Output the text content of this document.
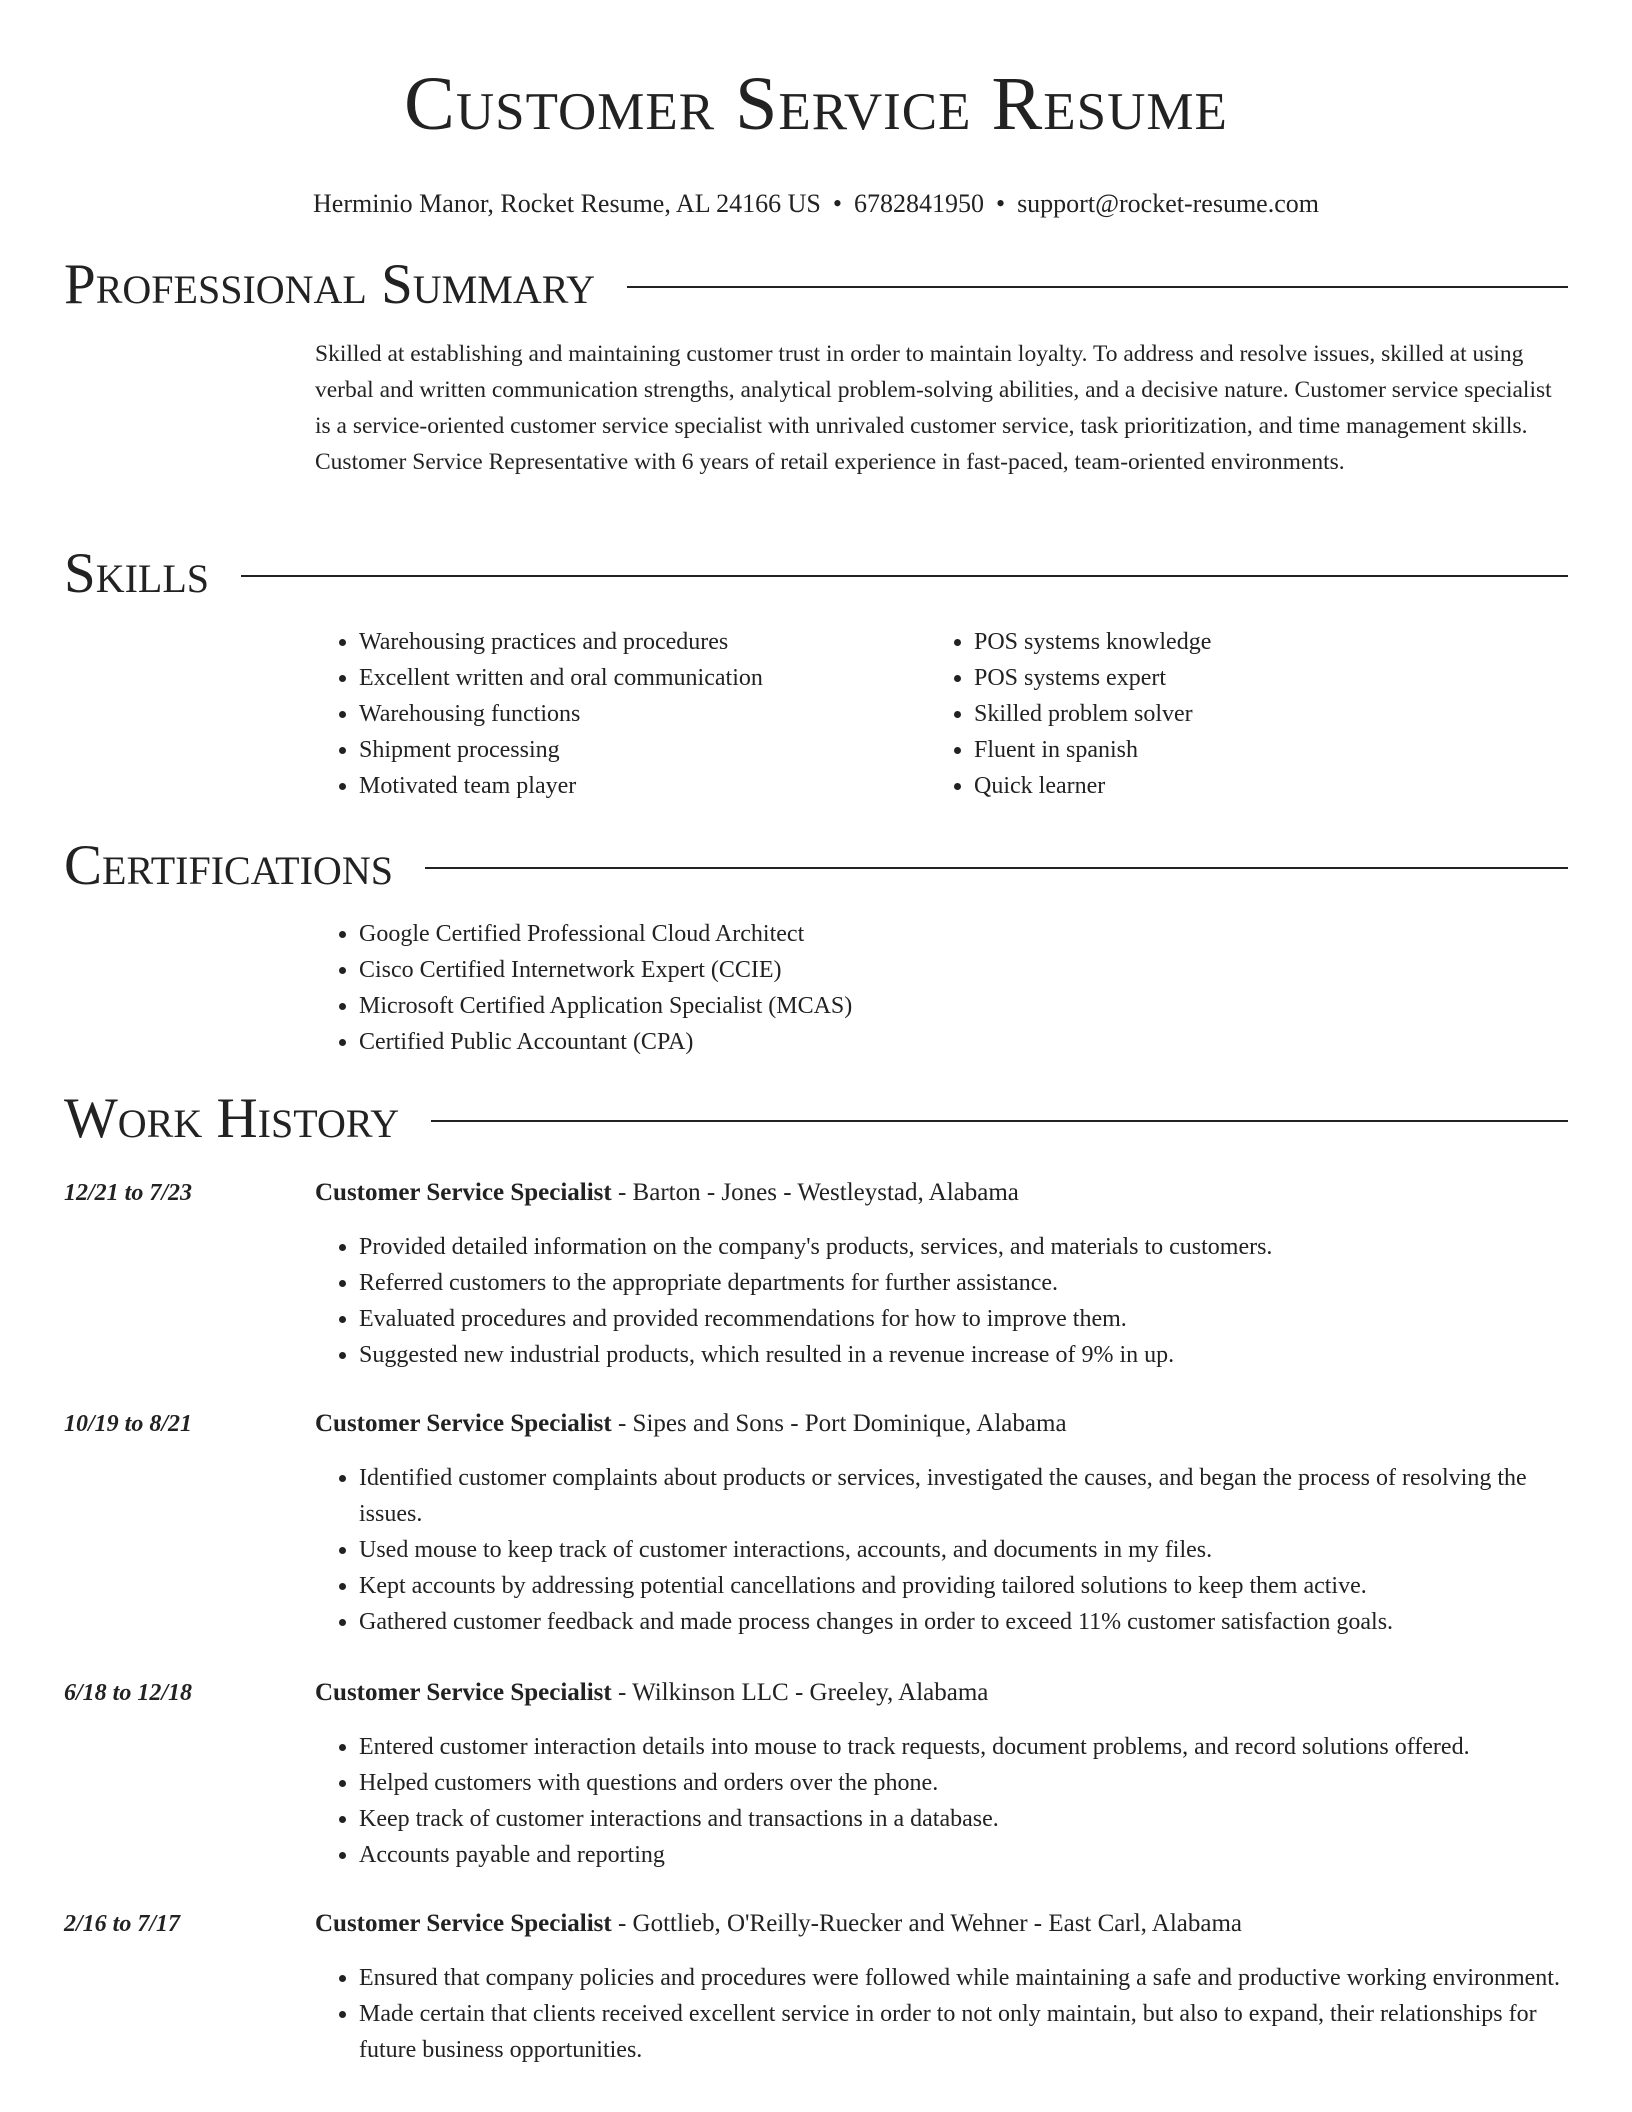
Customer Service Resume
Herminio Manor, Rocket Resume, AL 24166 US • 6782841950 • support@rocket-resume.com
Professional Summary

Skilled at establishing and maintaining customer trust in order to maintain loyalty. To address and resolve issues, skilled at using verbal and written communication strengths, analytical problem-solving abilities, and a decisive nature. Customer service specialist is a service-oriented customer service specialist with unrivaled customer service, task prioritization, and time management skills. Customer Service Representative with 6 years of retail experience in fast-paced, team-oriented environments.

Skills
• Warehousing practices and procedures
• Excellent written and oral communication
• Warehousing functions
• Shipment processing
• Motivated team player
• POS systems knowledge
• POS systems expert
• Skilled problem solver
• Fluent in spanish
• Quick learner
Certifications
• Google Certified Professional Cloud Architect
• Cisco Certified Internetwork Expert (CCIE)
• Microsoft Certified Application Specialist (MCAS)
• Certified Public Accountant (CPA)
Work History
12/21 to 7/23	Customer Service Specialist - Barton - Jones - Westleystad, Alabama
• Provided detailed information on the company's products, services, and materials to customers.
• Referred customers to the appropriate departments for further assistance.
• Evaluated procedures and provided recommendations for how to improve them.
• Suggested new industrial products, which resulted in a revenue increase of 9% in up.
10/19 to 8/21	Customer Service Specialist - Sipes and Sons - Port Dominique, Alabama
• Identified customer complaints about products or services, investigated the causes, and began the process of resolving the issues.
• Used mouse to keep track of customer interactions, accounts, and documents in my files.
• Kept accounts by addressing potential cancellations and providing tailored solutions to keep them active.
• Gathered customer feedback and made process changes in order to exceed 11% customer satisfaction goals.
6/18 to 12/18	Customer Service Specialist - Wilkinson LLC - Greeley, Alabama
• Entered customer interaction details into mouse to track requests, document problems, and record solutions offered.
• Helped customers with questions and orders over the phone.
• Keep track of customer interactions and transactions in a database.
• Accounts payable and reporting
2/16 to 7/17	Customer Service Specialist - Gottlieb, O'Reilly-Ruecker and Wehner - East Carl, Alabama
• Ensured that company policies and procedures were followed while maintaining a safe and productive working environment.
• Made certain that clients received excellent service in order to not only maintain, but also to expand, their relationships for future business opportunities.
